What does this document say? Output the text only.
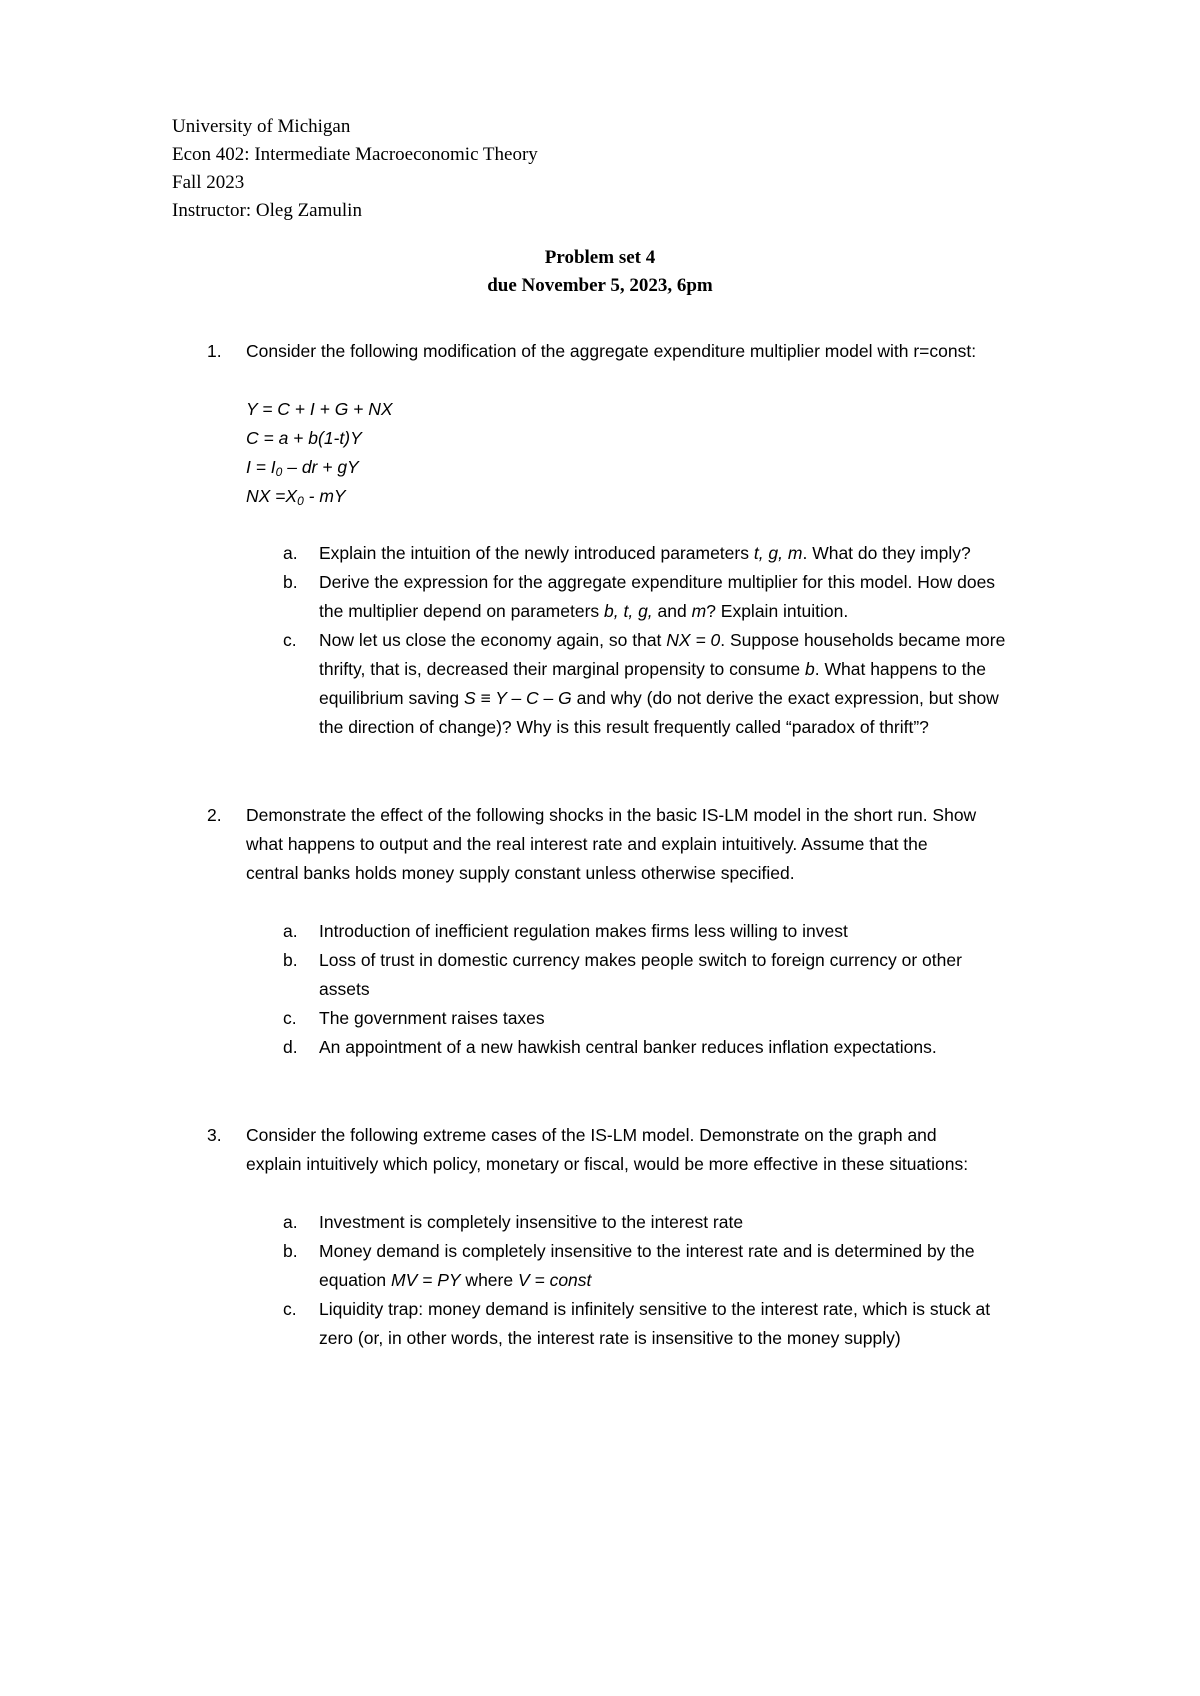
University of Michigan
Econ 402: Intermediate Macroeconomic Theory
Fall 2023
Instructor: Oleg Zamulin
Problem set 4
due November 5, 2023, 6pm
1. Consider the following modification of the aggregate expenditure multiplier model with r=const:
Y = C + I + G + NX
C = a + b(1-t)Y
$I = I_0$ – dr + gY
NX $=X_0$ - mY
a. Explain the intuition of the newly introduced parameters t, g, m. What do they imply?
b. Derive the expression for the aggregate expenditure multiplier for this model. How does
the multiplier depend on parameters b, t, g, and m? Explain intuition.
c. Now let us close the economy again, so that NX = 0. Suppose households became more
thrifty, that is, decreased their marginal propensity to consume b. What happens to the
equilibrium saving S ≡ Y – C – G and why (do not derive the exact expression, but show
the direction of change)? Why is this result frequently called “paradox of thrift”?
2. Demonstrate the effect of the following shocks in the basic IS-LM model in the short run. Show
what happens to output and the real interest rate and explain intuitively. Assume that the
central banks holds money supply constant unless otherwise specified.
a. Introduction of inefficient regulation makes firms less willing to invest
b. Loss of trust in domestic currency makes people switch to foreign currency or other
assets
c. The government raises taxes
d. An appointment of a new hawkish central banker reduces inflation expectations.
3. Consider the following extreme cases of the IS-LM model. Demonstrate on the graph and
explain intuitively which policy, monetary or fiscal, would be more effective in these situations:
a. Investment is completely insensitive to the interest rate
b. Money demand is completely insensitive to the interest rate and is determined by the
equation MV = PY where V = const
c. Liquidity trap: money demand is infinitely sensitive to the interest rate, which is stuck at
zero (or, in other words, the interest rate is insensitive to the money supply)
